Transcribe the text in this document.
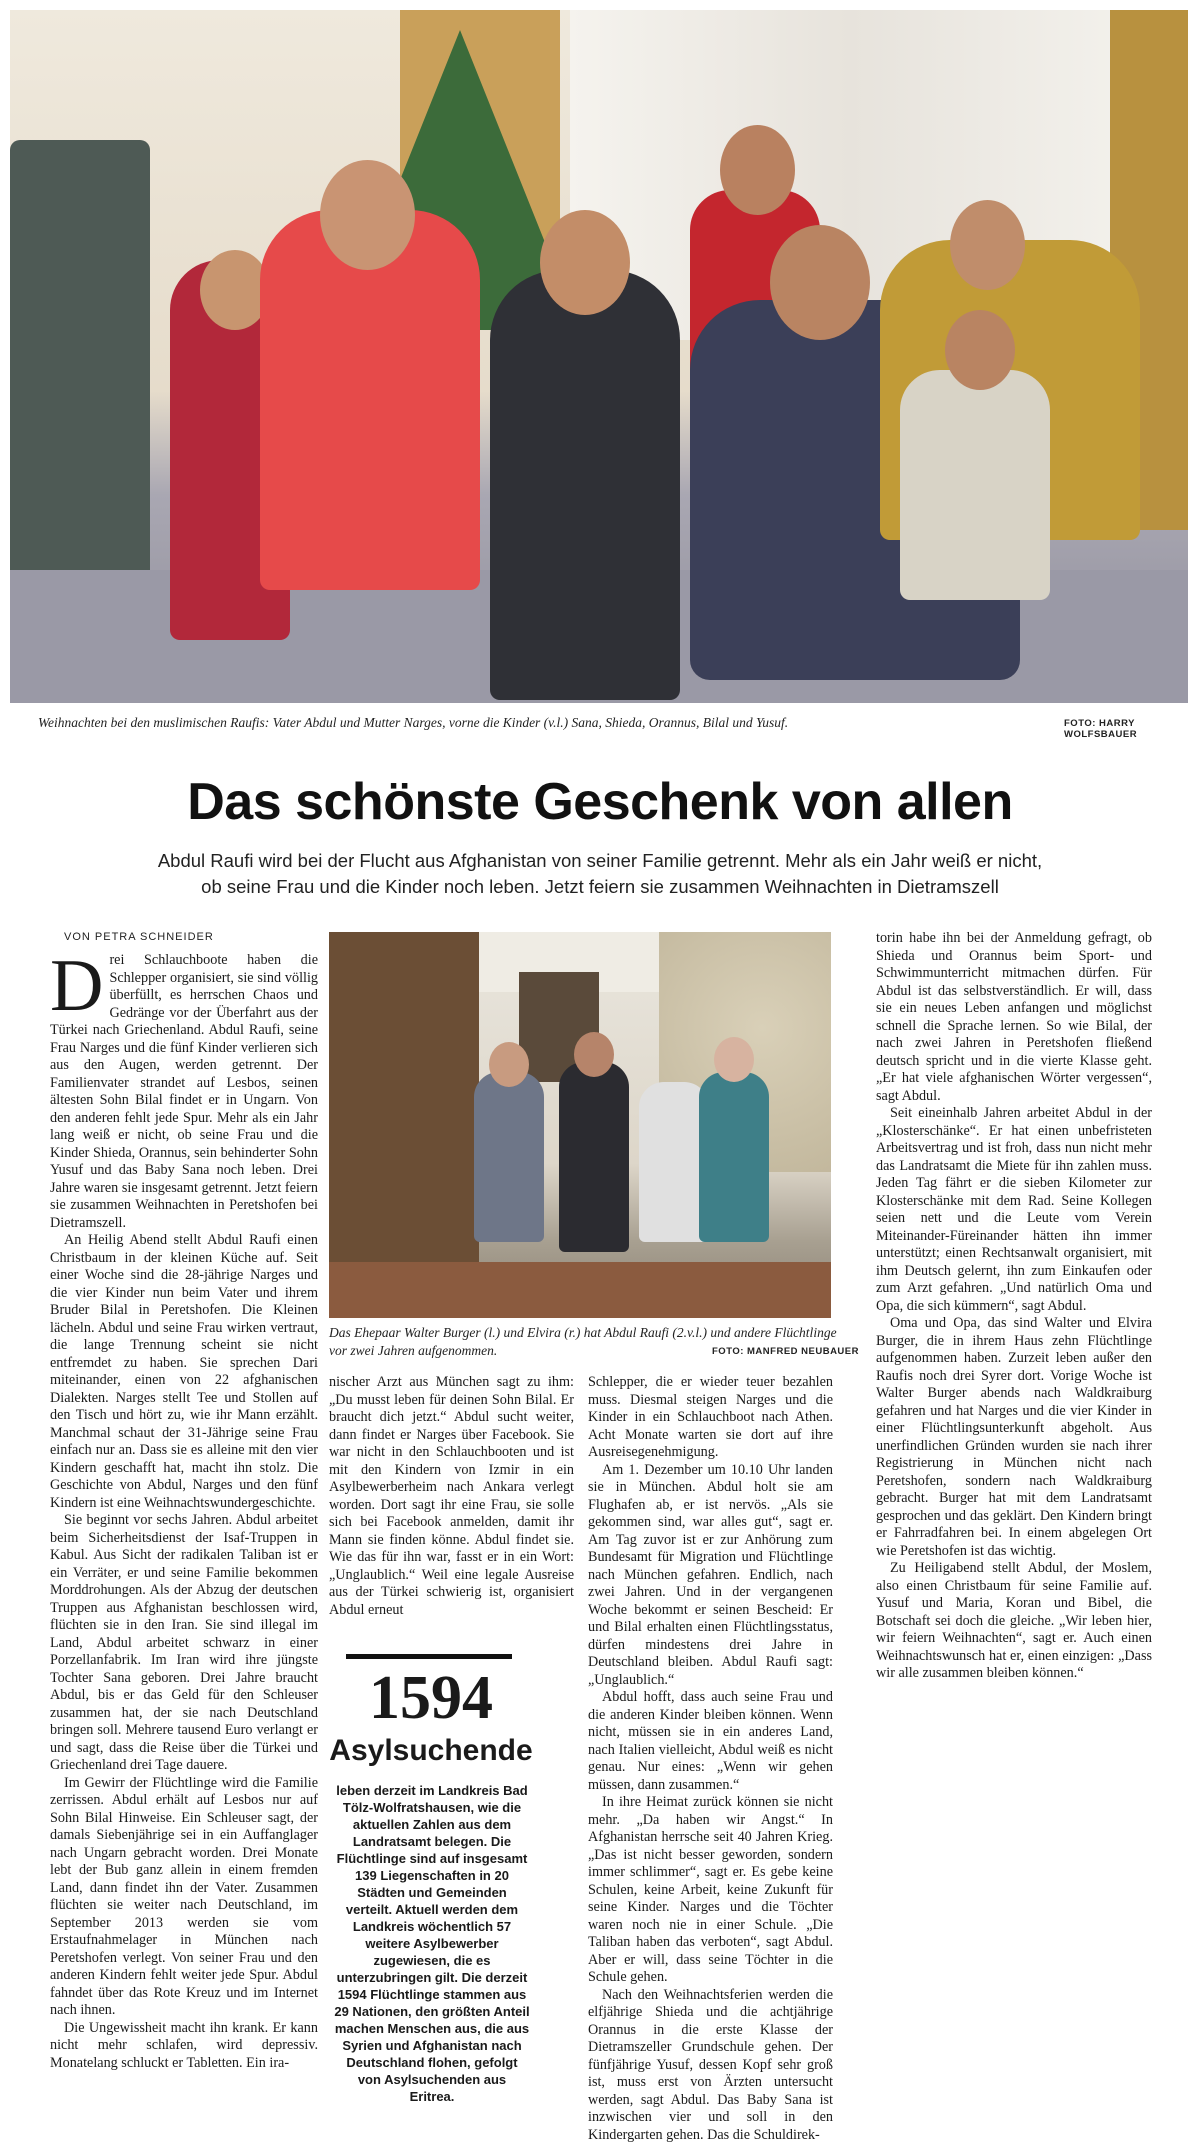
Weihnachten bei den muslimischen Raufis: Vater Abdul und Mutter Narges, vorne die Kinder (v.l.) Sana, Shieda, Orannus, Bilal und Yusuf.	FOTO: HARRY WOLFSBAUER
Das schönste Geschenk von allen
Abdul Raufi wird bei der Flucht aus Afghanistan von seiner Familie getrennt. Mehr als ein Jahr weiß er nicht, ob seine Frau und die Kinder noch leben. Jetzt feiern sie zusammen Weihnachten in Dietramszell
VON PETRA SCHNEIDER

Drei Schlauchboote haben die Schlepper organisiert, sie sind völlig überfüllt, es herrschen Chaos und Gedränge vor der Überfahrt aus der Türkei nach Griechenland. Abdul Raufi, seine Frau Narges und die fünf Kinder verlieren sich aus den Augen, werden getrennt. Der Familienvater strandet auf Lesbos, seinen ältesten Sohn Bilal findet er in Ungarn. Von den anderen fehlt jede Spur. Mehr als ein Jahr lang weiß er nicht, ob seine Frau und die Kinder Shieda, Orannus, sein behinderter Sohn Yusuf und das Baby Sana noch leben. Drei Jahre waren sie insgesamt getrennt. Jetzt feiern sie zusammen Weihnachten in Peretshofen bei Dietramszell.

An Heilig Abend stellt Abdul Raufi einen Christbaum in der kleinen Küche auf. Seit einer Woche sind die 28-jährige Narges und die vier Kinder nun beim Vater und ihrem Bruder Bilal in Peretshofen. Die Kleinen lächeln. Abdul und seine Frau wirken vertraut, die lange Trennung scheint sie nicht entfremdet zu haben. Sie sprechen Dari miteinander, einen von 22 afghanischen Dialekten. Narges stellt Tee und Stollen auf den Tisch und hört zu, wie ihr Mann erzählt. Manchmal schaut der 31-Jährige seine Frau einfach nur an. Dass sie es alleine mit den vier Kindern geschafft hat, macht ihn stolz. Die Geschichte von Abdul, Narges und den fünf Kindern ist eine Weihnachtswundergeschichte.

Sie beginnt vor sechs Jahren. Abdul arbeitet beim Sicherheitsdienst der Isaf-Truppen in Kabul. Aus Sicht der radikalen Taliban ist er ein Verräter, er und seine Familie bekommen Morddrohungen. Als der Abzug der deutschen Truppen aus Afghanistan beschlossen wird, flüchten sie in den Iran. Sie sind illegal im Land, Abdul arbeitet schwarz in einer Porzellanfabrik. Im Iran wird ihre jüngste Tochter Sana geboren. Drei Jahre braucht Abdul, bis er das Geld für den Schleuser zusammen hat, der sie nach Deutschland bringen soll. Mehrere tausend Euro verlangt er und sagt, dass die Reise über die Türkei und Griechenland drei Tage dauere.

Im Gewirr der Flüchtlinge wird die Familie zerrissen. Abdul erhält auf Lesbos nur auf Sohn Bilal Hinweise. Ein Schleuser sagt, der damals Siebenjährige sei in ein Auffanglager nach Ungarn gebracht worden. Drei Monate lebt der Bub ganz allein in einem fremden Land, dann findet ihn der Vater. Zusammen flüchten sie weiter nach Deutschland, im September 2013 werden sie vom Erstaufnahmelager in München nach Peretshofen verlegt. Von seiner Frau und den anderen Kindern fehlt weiter jede Spur. Abdul fahndet über das Rote Kreuz und im Internet nach ihnen.

Die Ungewissheit macht ihn krank. Er kann nicht mehr schlafen, wird depressiv. Monatelang schluckt er Tabletten. Ein ira-

Das Ehepaar Walter Burger (l.) und Elvira (r.) hat Abdul Raufi (2.v.l.) und andere Flüchtlinge vor zwei Jahren aufgenommen.	FOTO: MANFRED NEUBAUER

nischer Arzt aus München sagt zu ihm: „Du musst leben für deinen Sohn Bilal. Er braucht dich jetzt.“ Abdul sucht weiter, dann findet er Narges über Facebook. Sie war nicht in den Schlauchbooten und ist mit den Kindern von Izmir in ein Asylbewerberheim nach Ankara verlegt worden. Dort sagt ihr eine Frau, sie solle sich bei Facebook anmelden, damit ihr Mann sie finden könne. Abdul findet sie. Wie das für ihn war, fasst er in ein Wort: „Unglaublich.“ Weil eine legale Ausreise aus der Türkei schwierig ist, organisiert Abdul erneut

1594
Asylsuchende
leben derzeit im Landkreis Bad Tölz-Wolfratshausen, wie die aktuellen Zahlen aus dem Landratsamt belegen. Die Flüchtlinge sind auf insgesamt 139 Liegenschaften in 20 Städten und Gemeinden verteilt. Aktuell werden dem Landkreis wöchentlich 57 weitere Asylbewerber zugewiesen, die es unterzubringen gilt. Die derzeit 1594 Flüchtlinge stammen aus 29 Nationen, den größten Anteil machen Menschen aus, die aus Syrien und Afghanistan nach Deutschland flohen, gefolgt von Asylsuchenden aus Eritrea.

Schlepper, die er wieder teuer bezahlen muss. Diesmal steigen Narges und die Kinder in ein Schlauchboot nach Athen. Acht Monate warten sie dort auf ihre Ausreisegenehmigung.

Am 1. Dezember um 10.10 Uhr landen sie in München. Abdul holt sie am Flughafen ab, er ist nervös. „Als sie gekommen sind, war alles gut“, sagt er. Am Tag zuvor ist er zur Anhörung zum Bundesamt für Migration und Flüchtlinge nach München gefahren. Endlich, nach zwei Jahren. Und in der vergangenen Woche bekommt er seinen Bescheid: Er und Bilal erhalten einen Flüchtlingsstatus, dürfen mindestens drei Jahre in Deutschland bleiben. Abdul Raufi sagt: „Unglaublich.“

Abdul hofft, dass auch seine Frau und die anderen Kinder bleiben können. Wenn nicht, müssen sie in ein anderes Land, nach Italien vielleicht, Abdul weiß es nicht genau. Nur eines: „Wenn wir gehen müssen, dann zusammen.“

In ihre Heimat zurück können sie nicht mehr. „Da haben wir Angst.“ In Afghanistan herrsche seit 40 Jahren Krieg. „Das ist nicht besser geworden, sondern immer schlimmer“, sagt er. Es gebe keine Schulen, keine Arbeit, keine Zukunft für seine Kinder. Narges und die Töchter waren noch nie in einer Schule. „Die Taliban haben das verboten“, sagt Abdul. Aber er will, dass seine Töchter in die Schule gehen.

Nach den Weihnachtsferien werden die elfjährige Shieda und die achtjährige Orannus in die erste Klasse der Dietramszeller Grundschule gehen. Der fünfjährige Yusuf, dessen Kopf sehr groß ist, muss erst von Ärzten untersucht werden, sagt Abdul. Das Baby Sana ist inzwischen vier und soll in den Kindergarten gehen. Das die Schuldirek-

torin habe ihn bei der Anmeldung gefragt, ob Shieda und Orannus beim Sport- und Schwimmunterricht mitmachen dürfen. Für Abdul ist das selbstverständlich. Er will, dass sie ein neues Leben anfangen und möglichst schnell die Sprache lernen. So wie Bilal, der nach zwei Jahren in Peretshofen fließend deutsch spricht und in die vierte Klasse geht. „Er hat viele afghanischen Wörter vergessen“, sagt Abdul.

Seit eineinhalb Jahren arbeitet Abdul in der „Klosterschänke“. Er hat einen unbefristeten Arbeitsvertrag und ist froh, dass nun nicht mehr das Landratsamt die Miete für ihn zahlen muss. Jeden Tag fährt er die sieben Kilometer zur Klosterschänke mit dem Rad. Seine Kollegen seien nett und die Leute vom Verein Miteinander-Füreinander hätten ihn immer unterstützt; einen Rechtsanwalt organisiert, mit ihm Deutsch gelernt, ihn zum Einkaufen oder zum Arzt gefahren. „Und natürlich Oma und Opa, die sich kümmern“, sagt Abdul.

Oma und Opa, das sind Walter und Elvira Burger, die in ihrem Haus zehn Flüchtlinge aufgenommen haben. Zurzeit leben außer den Raufis noch drei Syrer dort. Vorige Woche ist Walter Burger abends nach Waldkraiburg gefahren und hat Narges und die vier Kinder in einer Flüchtlingsunterkunft abgeholt. Aus unerfindlichen Gründen wurden sie nach ihrer Registrierung in München nicht nach Peretshofen, sondern nach Waldkraiburg gebracht. Burger hat mit dem Landratsamt gesprochen und das geklärt. Den Kindern bringt er Fahrradfahren bei. In einem abgelegen Ort wie Peretshofen ist das wichtig.

Zu Heiligabend stellt Abdul, der Moslem, also einen Christbaum für seine Familie auf. Yusuf und Maria, Koran und Bibel, die Botschaft sei doch die gleiche. „Wir leben hier, wir feiern Weihnachten“, sagt er. Auch einen Weihnachtswunsch hat er, einen einzigen: „Dass wir alle zusammen bleiben können.“
